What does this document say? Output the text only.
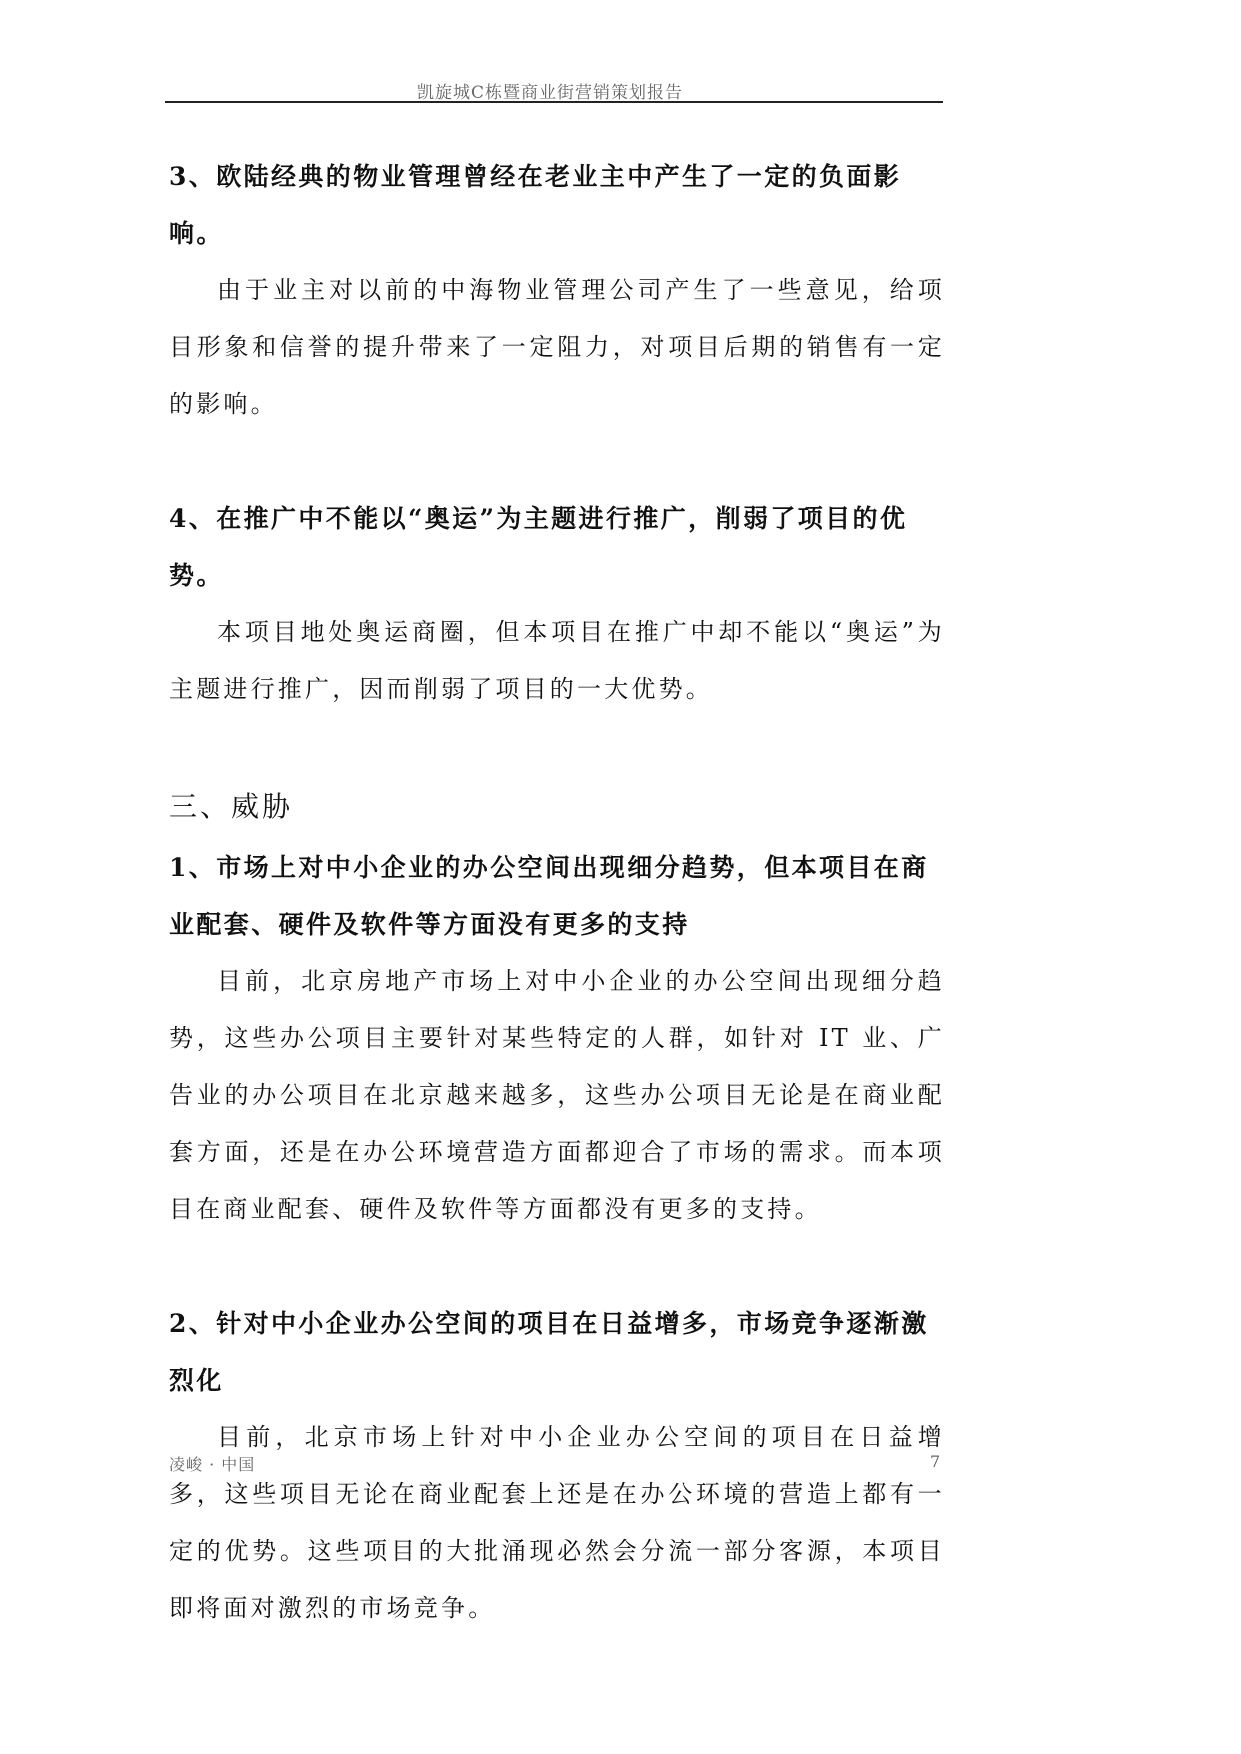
凯旋城C栋暨商业街营销策划报告

3、欧陆经典的物业管理曾经在老业主中产生了一定的负面影响。

由于业主对以前的中海物业管理公司产生了一些意见，给项目形象和信誉的提升带来了一定阻力，对项目后期的销售有一定的影响。

4、在推广中不能以“奥运”为主题进行推广，削弱了项目的优势。

本项目地处奥运商圈，但本项目在推广中却不能以“奥运”为主题进行推广，因而削弱了项目的一大优势。

三、威胁

1、市场上对中小企业的办公空间出现细分趋势，但本项目在商业配套、硬件及软件等方面没有更多的支持

目前，北京房地产市场上对中小企业的办公空间出现细分趋势，这些办公项目主要针对某些特定的人群，如针对 IT 业、广告业的办公项目在北京越来越多，这些办公项目无论是在商业配套方面，还是在办公环境营造方面都迎合了市场的需求。而本项目在商业配套、硬件及软件等方面都没有更多的支持。

2、针对中小企业办公空间的项目在日益增多，市场竞争逐渐激烈化

目前，北京市场上针对中小企业办公空间的项目在日益增多，这些项目无论在商业配套上还是在办公环境的营造上都有一定的优势。这些项目的大批涌现必然会分流一部分客源，本项目即将面对激烈的市场竞争。

凌峻 · 中国	7
